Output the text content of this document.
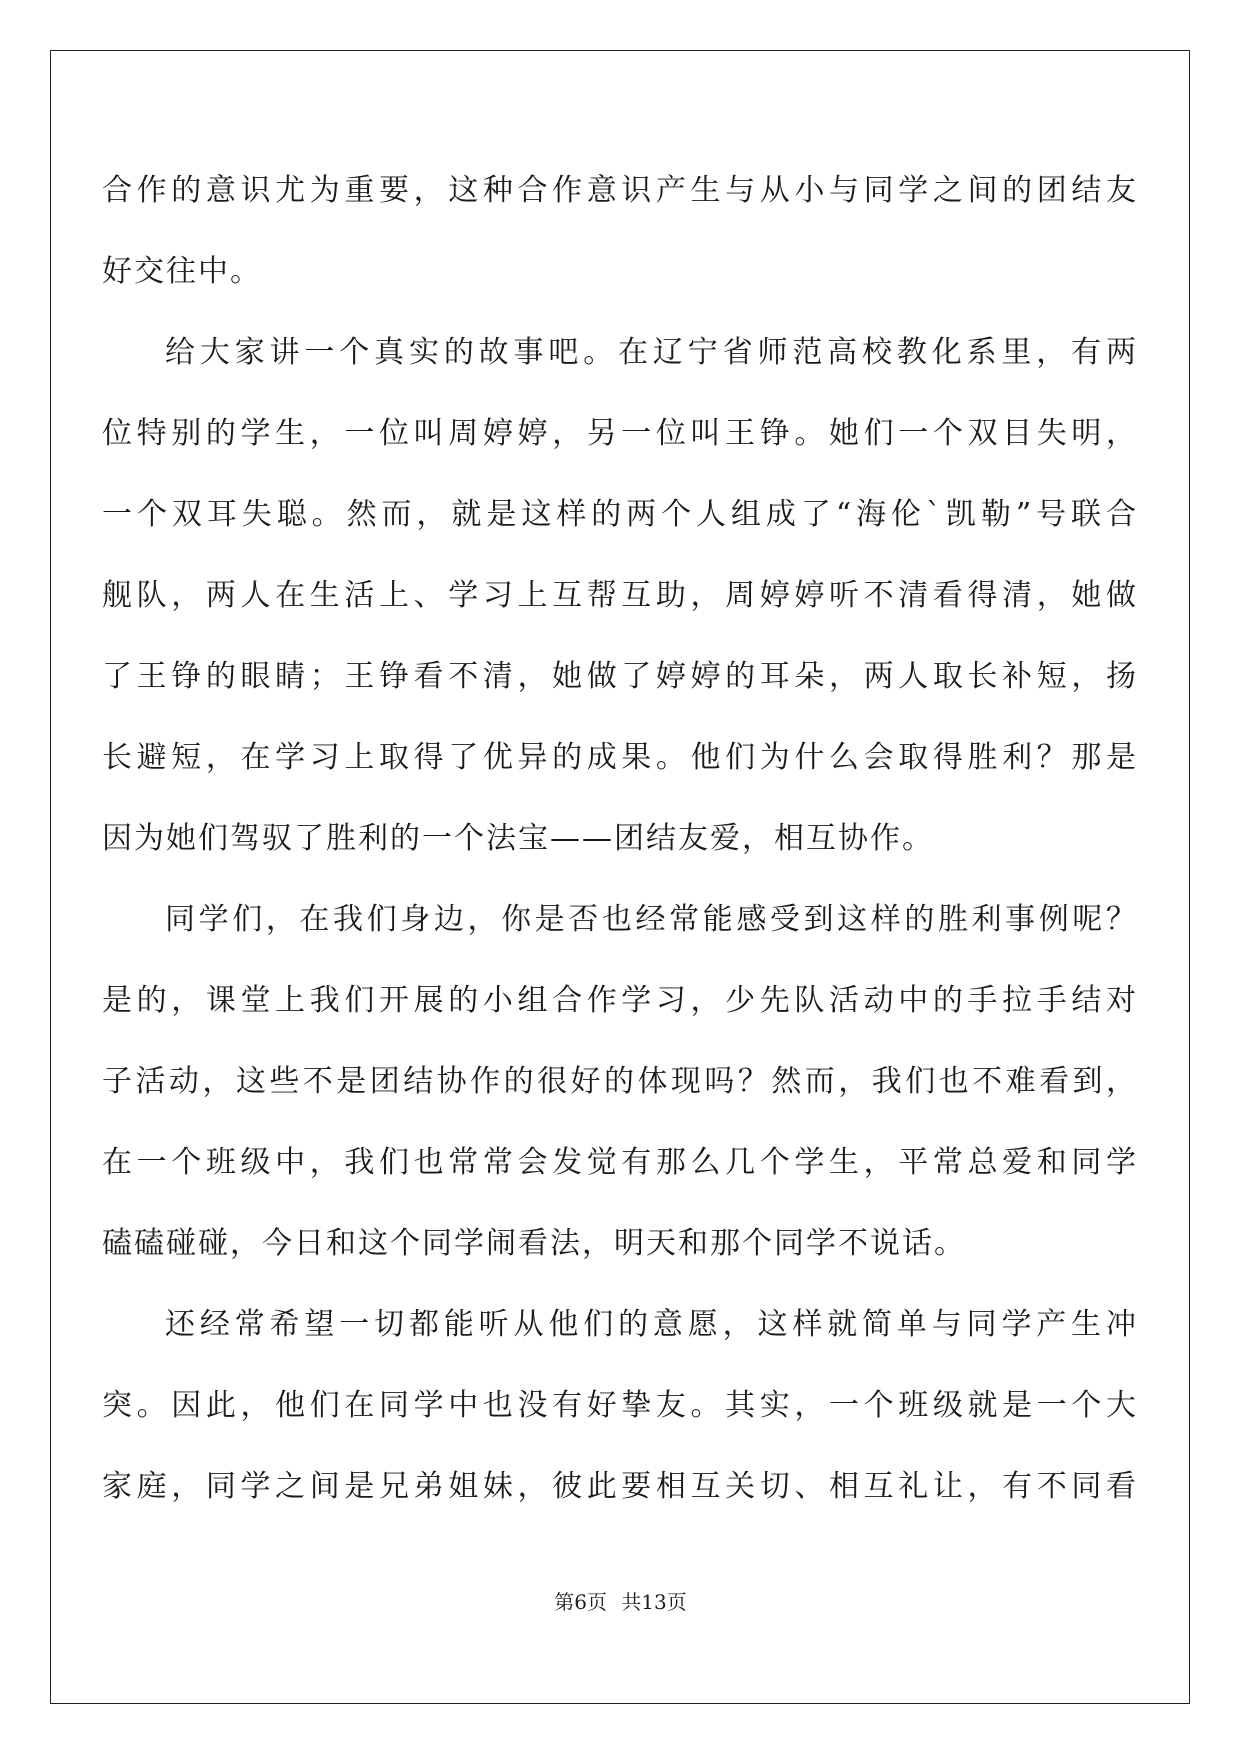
合作的意识尤为重要，这种合作意识产生与从小与同学之间的团结友
好交往中。
给大家讲一个真实的故事吧。在辽宁省师范高校教化系里，有两
位特别的学生，一位叫周婷婷，另一位叫王铮。她们一个双目失明，
一个双耳失聪。然而，就是这样的两个人组成了“海伦`凯勒”号联合
舰队，两人在生活上、学习上互帮互助，周婷婷听不清看得清，她做
了王铮的眼睛；王铮看不清，她做了婷婷的耳朵，两人取长补短，扬
长避短，在学习上取得了优异的成果。他们为什么会取得胜利？那是
因为她们驾驭了胜利的一个法宝——团结友爱，相互协作。
同学们，在我们身边，你是否也经常能感受到这样的胜利事例呢？
是的，课堂上我们开展的小组合作学习，少先队活动中的手拉手结对
子活动，这些不是团结协作的很好的体现吗？然而，我们也不难看到，
在一个班级中，我们也常常会发觉有那么几个学生，平常总爱和同学
磕磕碰碰，今日和这个同学闹看法，明天和那个同学不说话。
还经常希望一切都能听从他们的意愿，这样就简单与同学产生冲
突。因此，他们在同学中也没有好挚友。其实，一个班级就是一个大
家庭，同学之间是兄弟姐妹，彼此要相互关切、相互礼让，有不同看
第6页 共13页
